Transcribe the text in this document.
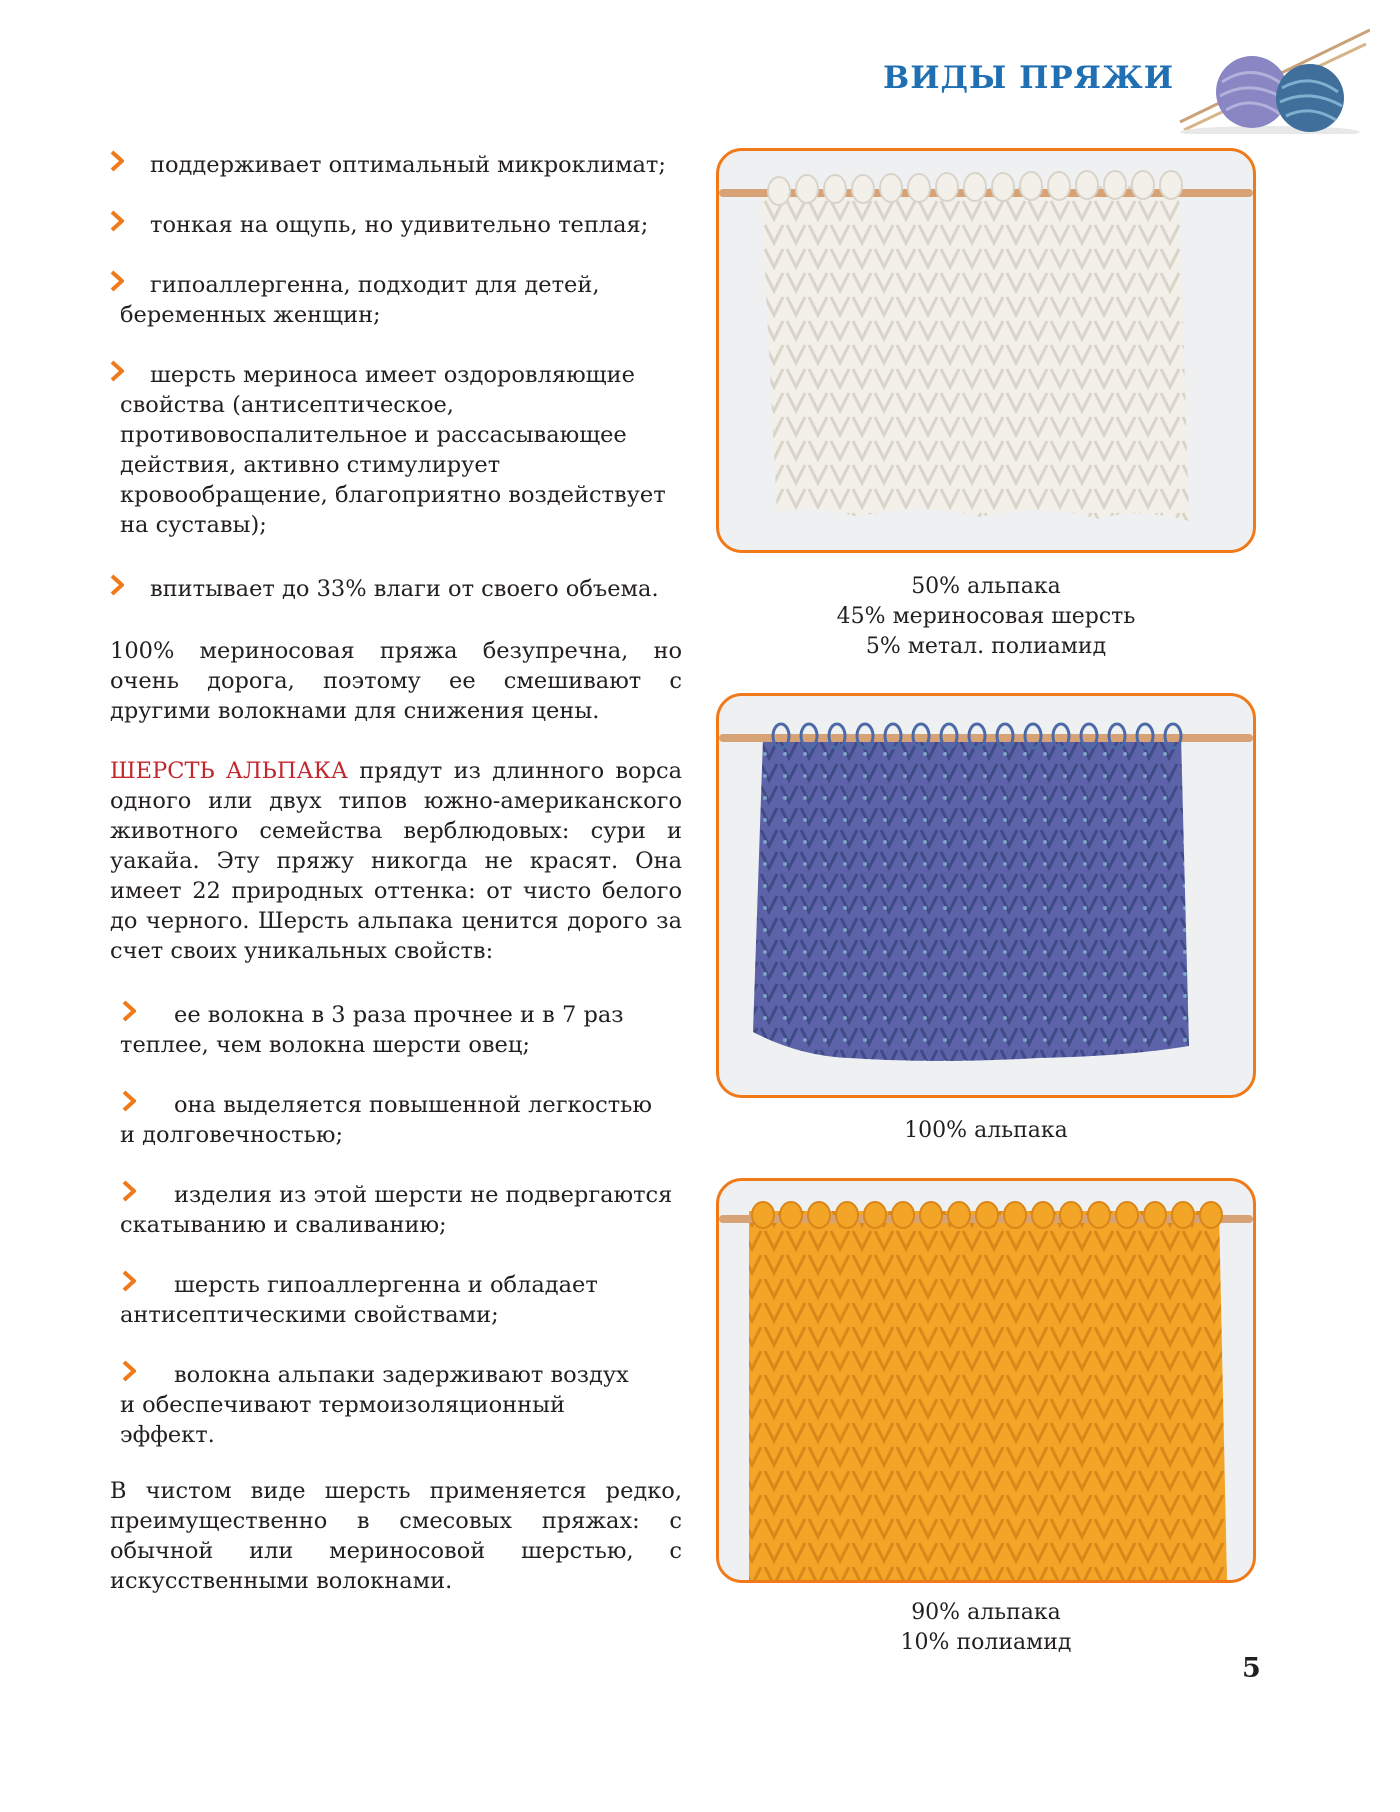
ВИДЫ ПРЯЖИ
поддерживает оптимальный микроклимат;
тонкая на ощупь, но удивительно теплая;
гипоаллергенна, подходит для детей,
беременных женщин;
шерсть мериноса имеет оздоровляющие
свойства (антисептическое,
противовоспалительное и рассасывающее
действия, активно стимулирует
кровообращение, благоприятно воздействует
на суставы);
впитывает до 33% влаги от своего объема.
100% мериносовая пряжа безупречна, но очень дорога, поэтому ее смешивают с другими волокнами для снижения цены.
ШЕРСТЬ АЛЬПАКА прядут из длинного ворса одного или двух типов южно-американского животного семейства верблюдовых: сури и уакайа. Эту пряжу никогда не красят. Она имеет 22 природных оттенка: от чисто белого до черного. Шерсть альпака ценится дорого за счет своих уникальных свойств:
ее волокна в 3 раза прочнее и в 7 раз
теплее, чем волокна шерсти овец;
она выделяется повышенной легкостью
и долговечностью;
изделия из этой шерсти не подвергаются
скатыванию и сваливанию;
шерсть гипоаллергенна и обладает
антисептическими свойствами;
волокна альпаки задерживают воздух
и обеспечивают термоизоляционный
эффект.
В чистом виде шерсть применяется редко, преимущественно в смесовых пряжах: с обычной или мериносовой шерстью, с искусственными волокнами.
50% альпака
45% мериносовая шерсть
5% метал. полиамид
100% альпака
90% альпака
10% полиамид
5
